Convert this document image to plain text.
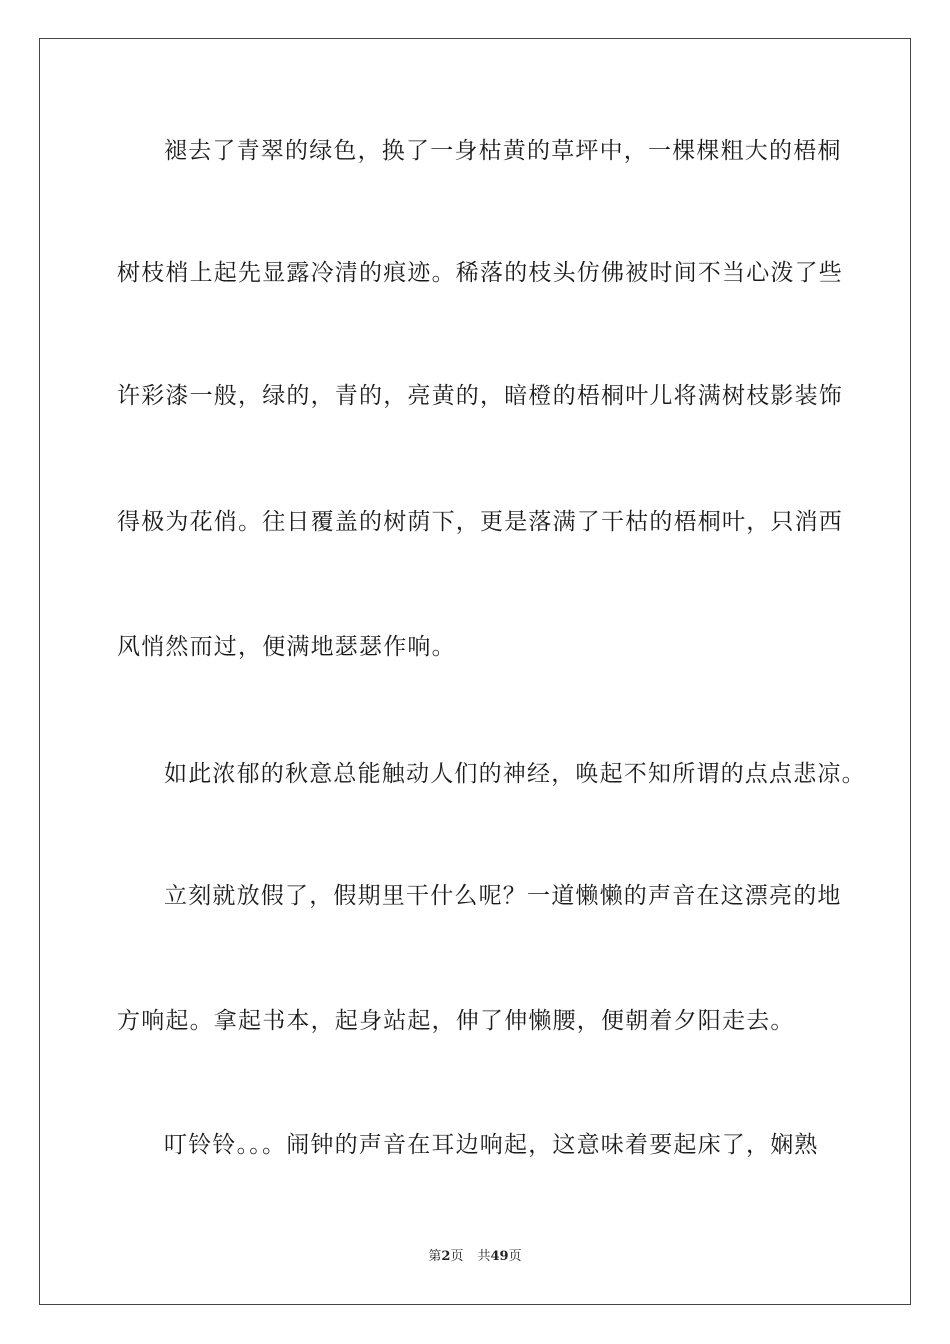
褪去了青翠的绿色，换了一身枯黄的草坪中，一棵棵粗大的梧桐
树枝梢上起先显露冷清的痕迹。稀落的枝头仿佛被时间不当心泼了些
许彩漆一般，绿的，青的，亮黄的，暗橙的梧桐叶儿将满树枝影装饰
得极为花俏。往日覆盖的树荫下，更是落满了干枯的梧桐叶，只消西
风悄然而过，便满地瑟瑟作响。
如此浓郁的秋意总能触动人们的神经，唤起不知所谓的点点悲凉。
立刻就放假了，假期里干什么呢？一道懒懒的声音在这漂亮的地
方响起。拿起书本，起身站起，伸了伸懒腰，便朝着夕阳走去。
叮铃铃。。。闹钟的声音在耳边响起，这意味着要起床了，娴熟
第2页 共49页
